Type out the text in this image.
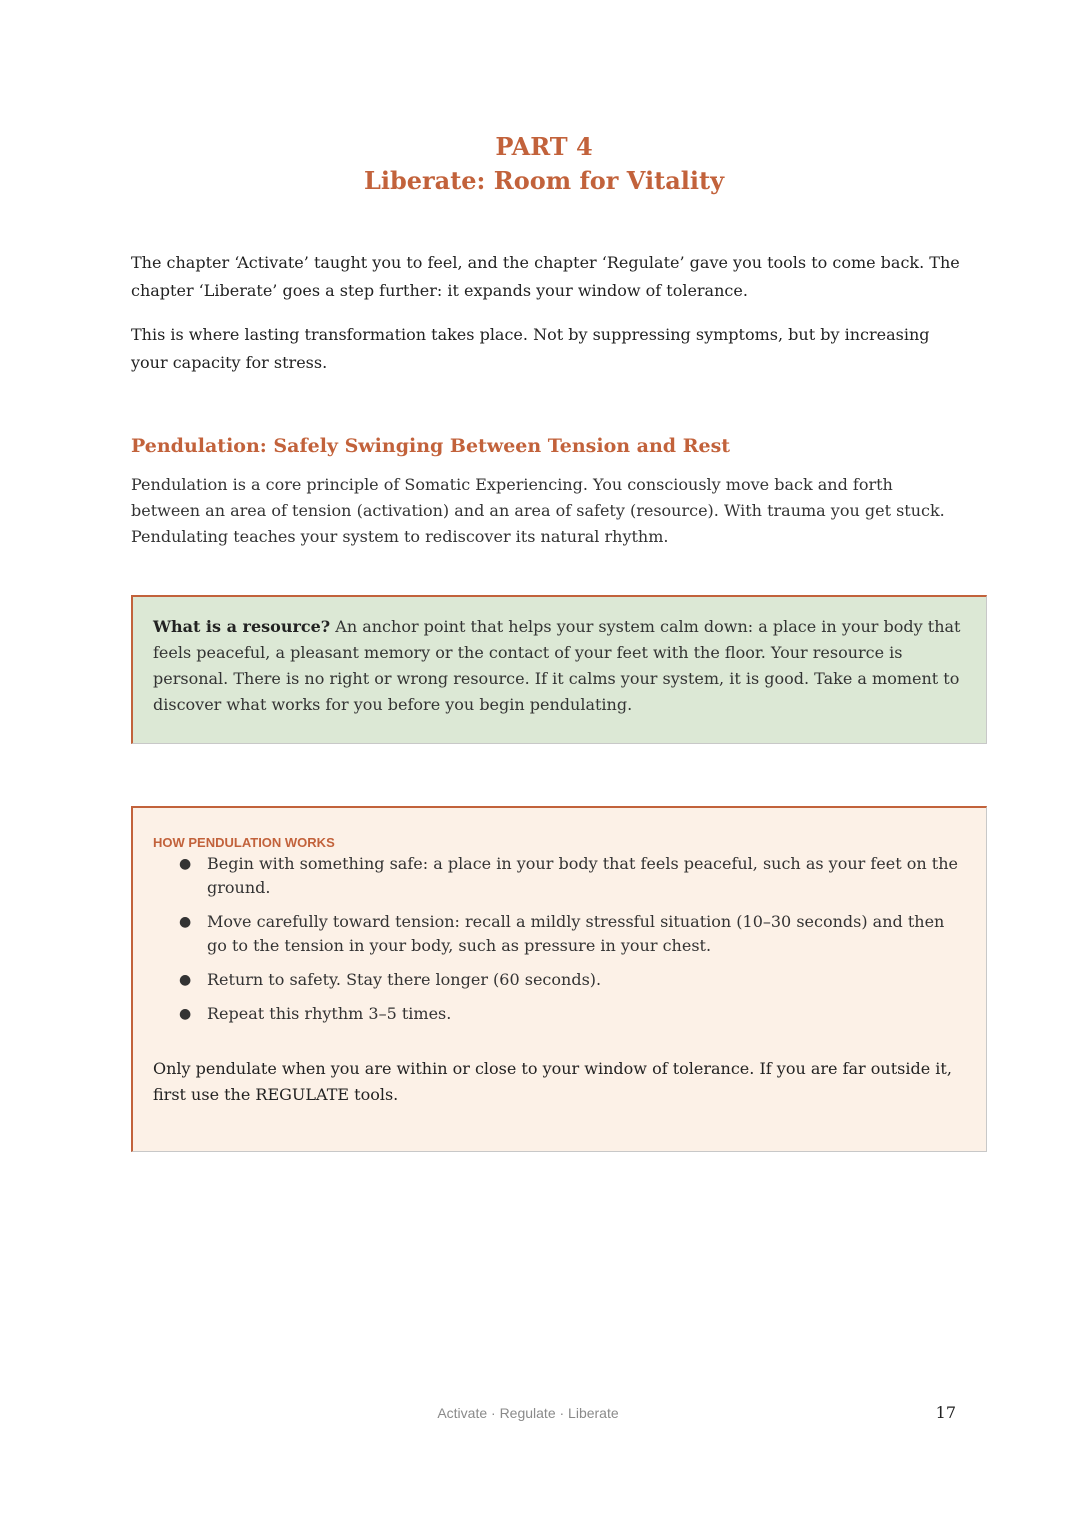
PART 4
Liberate: Room for Vitality

The chapter ‘Activate’ taught you to feel, and the chapter ‘Regulate’ gave you tools to come back. The chapter ‘Liberate’ goes a step further: it expands your window of tolerance.

This is where lasting transformation takes place. Not by suppressing symptoms, but by increasing your capacity for stress.

Pendulation: Safely Swinging Between Tension and Rest

Pendulation is a core principle of Somatic Experiencing. You consciously move back and forth between an area of tension (activation) and an area of safety (resource). With trauma you get stuck. Pendulating teaches your system to rediscover its natural rhythm.

What is a resource? An anchor point that helps your system calm down: a place in your body that feels peaceful, a pleasant memory or the contact of your feet with the floor. Your resource is personal. There is no right or wrong resource. If it calms your system, it is good. Take a moment to discover what works for you before you begin pendulating.
HOW PENDULATION WORKS
● Begin with something safe: a place in your body that feels peaceful, such as your feet on the ground.
● Move carefully toward tension: recall a mildly stressful situation (10–30 seconds) and then go to the tension in your body, such as pressure in your chest.
● Return to safety. Stay there longer (60 seconds).
● Repeat this rhythm 3–5 times.

Only pendulate when you are within or close to your window of tolerance. If you are far outside it, first use the REGULATE tools.

Activate · Regulate · Liberate	17
